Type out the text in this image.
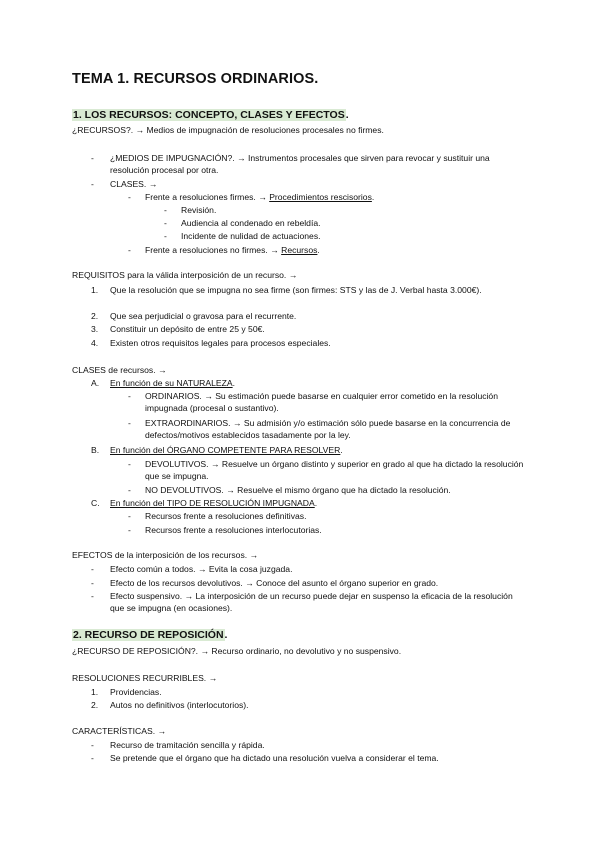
TEMA 1. RECURSOS ORDINARIOS.
1. LOS RECURSOS: CONCEPTO, CLASES Y EFECTOS.
¿RECURSOS?. → Medios de impugnación de resoluciones procesales no firmes.
- ¿MEDIOS DE IMPUGNACIÓN?. → Instrumentos procesales que sirven para revocar y sustituir una resolución procesal por otra.
- CLASES. →
- Frente a resoluciones firmes. → Procedimientos rescisorios.
- Revisión.
- Audiencia al condenado en rebeldía.
- Incidente de nulidad de actuaciones.
- Frente a resoluciones no firmes. → Recursos.
REQUISITOS para la válida interposición de un recurso. →
1. Que la resolución que se impugna no sea firme (son firmes: STS y las de J. Verbal hasta 3.000€).
2. Que sea perjudicial o gravosa para el recurrente.
3. Constituir un depósito de entre 25 y 50€.
4. Existen otros requisitos legales para procesos especiales.
CLASES de recursos. →
A. En función de su NATURALEZA.
- ORDINARIOS. → Su estimación puede basarse en cualquier error cometido en la resolución impugnada (procesal o sustantivo).
- EXTRAORDINARIOS. → Su admisión y/o estimación sólo puede basarse en la concurrencia de defectos/motivos establecidos tasadamente por la ley.
B. En función del ÓRGANO COMPETENTE PARA RESOLVER.
- DEVOLUTIVOS. → Resuelve un órgano distinto y superior en grado al que ha dictado la resolución que se impugna.
- NO DEVOLUTIVOS. → Resuelve el mismo órgano que ha dictado la resolución.
C. En función del TIPO DE RESOLUCIÓN IMPUGNADA.
- Recursos frente a resoluciones definitivas.
- Recursos frente a resoluciones interlocutorias.
EFECTOS de la interposición de los recursos. →
- Efecto común a todos. → Evita la cosa juzgada.
- Efecto de los recursos devolutivos. → Conoce del asunto el órgano superior en grado.
- Efecto suspensivo. → La interposición de un recurso puede dejar en suspenso la eficacia de la resolución que se impugna (en ocasiones).
2. RECURSO DE REPOSICIÓN.
¿RECURSO DE REPOSICIÓN?. → Recurso ordinario, no devolutivo y no suspensivo.
RESOLUCIONES RECURRIBLES. →
1. Providencias.
2. Autos no definitivos (interlocutorios).
CARACTERÍSTICAS. →
- Recurso de tramitación sencilla y rápida.
- Se pretende que el órgano que ha dictado una resolución vuelva a considerar el tema.
